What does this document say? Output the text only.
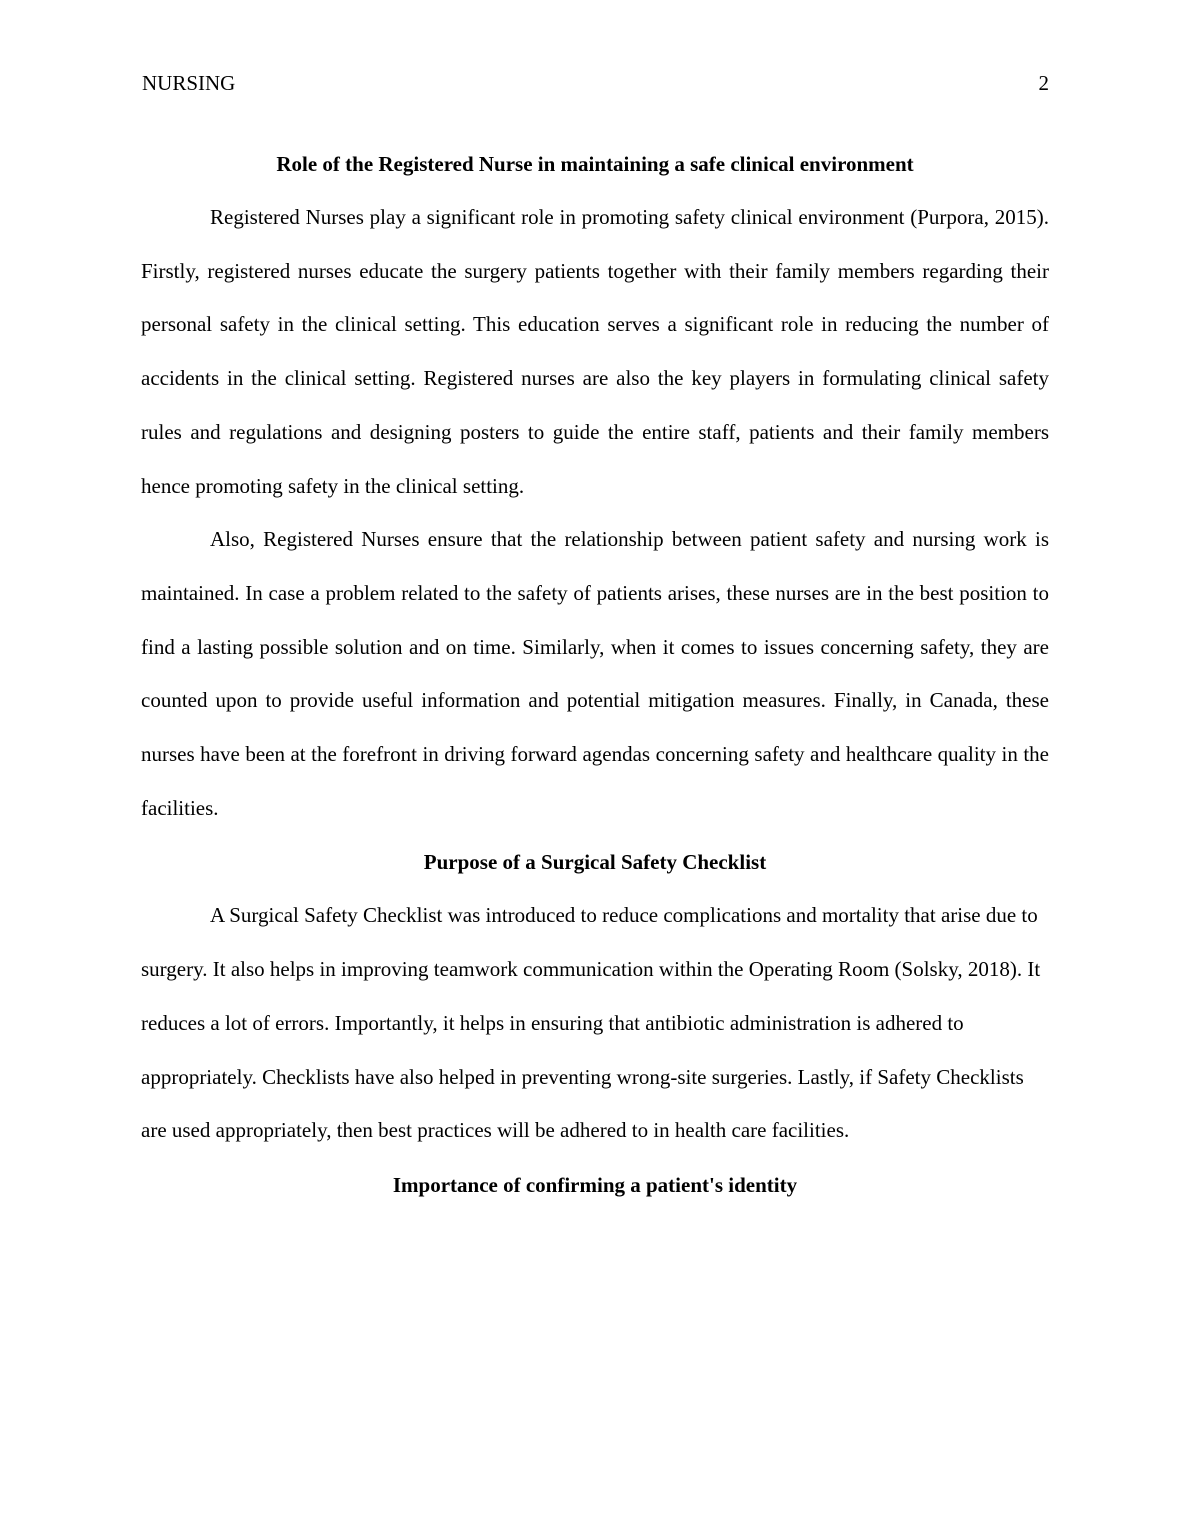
NURSING	2
Role of the Registered Nurse in maintaining a safe clinical environment

Registered Nurses play a significant role in promoting safety clinical environment (Purpora, 2015). Firstly, registered nurses educate the surgery patients together with their family members regarding their personal safety in the clinical setting. This education serves a significant role in reducing the number of accidents in the clinical setting. Registered nurses are also the key players in formulating clinical safety rules and regulations and designing posters to guide the entire staff, patients and their family members hence promoting safety in the clinical setting.

Also, Registered Nurses ensure that the relationship between patient safety and nursing work is maintained. In case a problem related to the safety of patients arises, these nurses are in the best position to find a lasting possible solution and on time. Similarly, when it comes to issues concerning safety, they are counted upon to provide useful information and potential mitigation measures. Finally, in Canada, these nurses have been at the forefront in driving forward agendas concerning safety and healthcare quality in the facilities.

Purpose of a Surgical Safety Checklist

A Surgical Safety Checklist was introduced to reduce complications and mortality that arise due to surgery. It also helps in improving teamwork communication within the Operating Room (Solsky, 2018). It reduces a lot of errors. Importantly, it helps in ensuring that antibiotic administration is adhered to appropriately. Checklists have also helped in preventing wrong-site surgeries. Lastly, if Safety Checklists are used appropriately, then best practices will be adhered to in health care facilities.

Importance of confirming a patient's identity
